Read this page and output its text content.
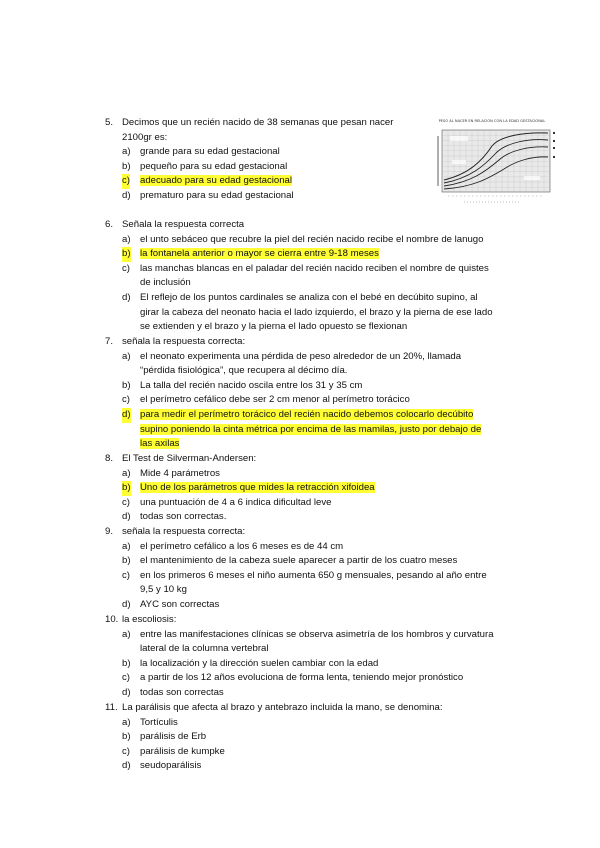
PESO AL NACER EN RELACION CON LA EDAD GESTACIONAL
5. Decimos que un recién nacido de 38 semanas que pesan nacer
2100gr es:
a) grande para su edad gestacional
b) pequeño para su edad gestacional
c) adecuado para su edad gestacional
d) prematuro para su edad gestacional
6. Señala la respuesta correcta
a) el unto sebáceo que recubre la piel del recién nacido recibe el nombre de lanugo
b) la fontanela anterior o mayor se cierra entre 9-18 meses
c) las manchas blancas en el paladar del recién nacido reciben el nombre de quistes
de inclusión
d) El reflejo de los puntos cardinales se analiza con el bebé en decúbito supino, al
girar la cabeza del neonato hacia el lado izquierdo, el brazo y la pierna de ese lado
se extienden y el brazo y la pierna el lado opuesto se flexionan
7. señala la respuesta correcta:
a) el neonato experimenta una pérdida de peso alrededor de un 20%, llamada
“pérdida fisiológica”, que recupera al décimo día.
b) La talla del recién nacido oscila entre los 31 y 35 cm
c) el perímetro cefálico debe ser 2 cm menor al perímetro torácico
d) para medir el perímetro torácico del recién nacido debemos colocarlo decúbito
supino poniendo la cinta métrica por encima de las mamilas, justo por debajo de
las axilas
8. El Test de Silverman-Andersen:
a) Mide 4 parámetros
b) Uno de los parámetros que mides la retracción xifoidea
c) una puntuación de 4 a 6 indica dificultad leve
d) todas son correctas.
9. señala la respuesta correcta:
a) el perímetro cefálico a los 6 meses es de 44 cm
b) el mantenimiento de la cabeza suele aparecer a partir de los cuatro meses
c) en los primeros 6 meses el niño aumenta 650 g mensuales, pesando al año entre
9,5 y 10 kg
d) AYC son correctas
10. la escoliosis:
a) entre las manifestaciones clínicas se observa asimetría de los hombros y curvatura
lateral de la columna vertebral
b) la localización y la dirección suelen cambiar con la edad
c) a partir de los 12 años evoluciona de forma lenta, teniendo mejor pronóstico
d) todas son correctas
11. La parálisis que afecta al brazo y antebrazo incluida la mano, se denomina:
a) Tortículis
b) parálisis de Erb
c) parálisis de kumpke
d) seudoparálisis
